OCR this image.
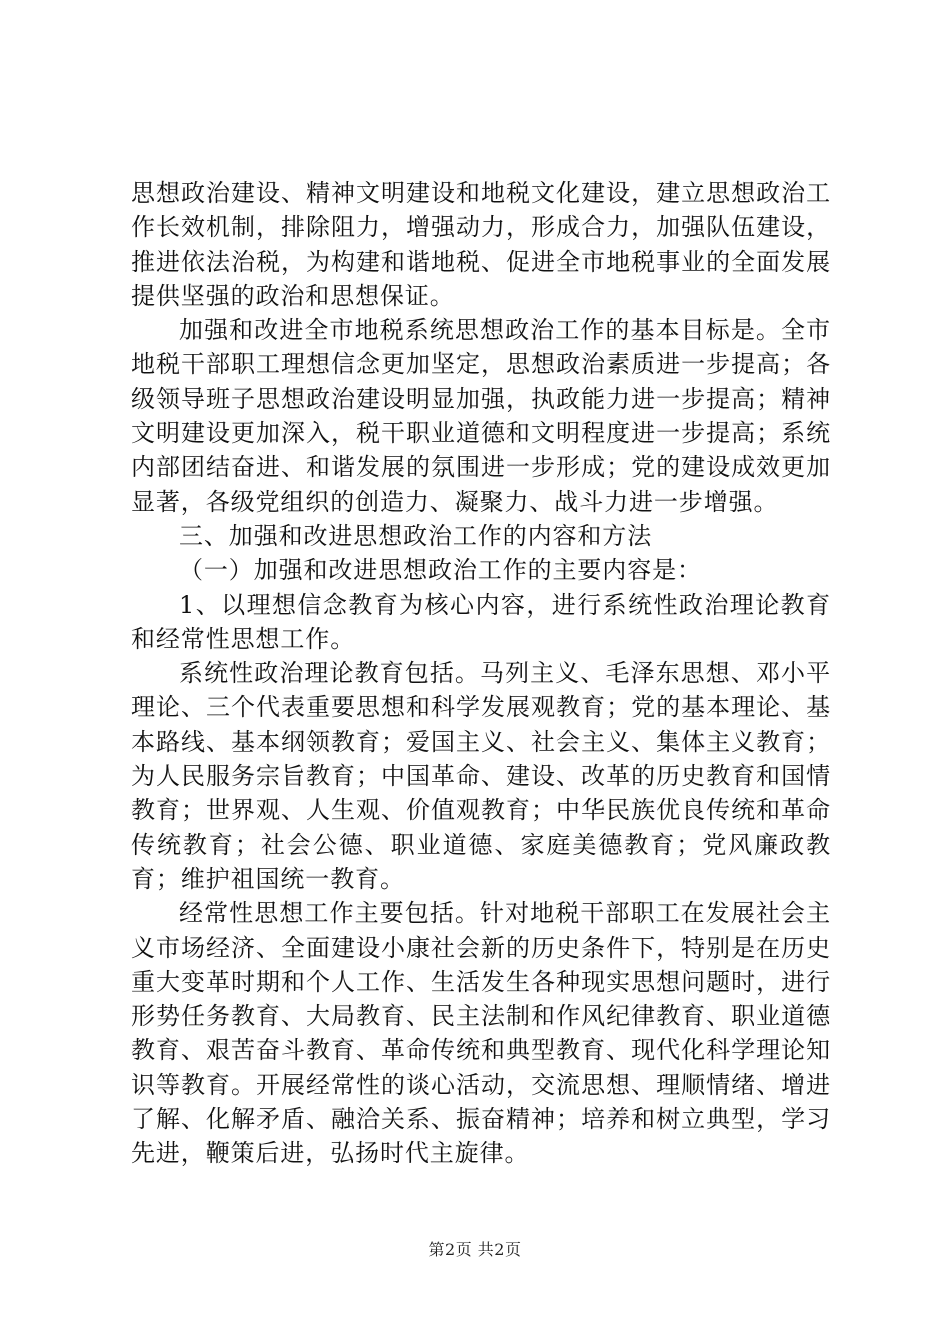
思想政治建设、精神文明建设和地税文化建设，建立思想政治工作长效机制，排除阻力，增强动力，形成合力，加强队伍建设，推进依法治税，为构建和谐地税、促进全市地税事业的全面发展提供坚强的政治和思想保证。

加强和改进全市地税系统思想政治工作的基本目标是。全市地税干部职工理想信念更加坚定，思想政治素质进一步提高；各级领导班子思想政治建设明显加强，执政能力进一步提高；精神文明建设更加深入，税干职业道德和文明程度进一步提高；系统内部团结奋进、和谐发展的氛围进一步形成；党的建设成效更加显著，各级党组织的创造力、凝聚力、战斗力进一步增强。

三、加强和改进思想政治工作的内容和方法

（一）加强和改进思想政治工作的主要内容是：

1、以理想信念教育为核心内容，进行系统性政治理论教育和经常性思想工作。

系统性政治理论教育包括。马列主义、毛泽东思想、邓小平理论、三个代表重要思想和科学发展观教育；党的基本理论、基本路线、基本纲领教育；爱国主义、社会主义、集体主义教育；为人民服务宗旨教育；中国革命、建设、改革的历史教育和国情教育；世界观、人生观、价值观教育；中华民族优良传统和革命传统教育；社会公德、职业道德、家庭美德教育；党风廉政教育；维护祖国统一教育。

经常性思想工作主要包括。针对地税干部职工在发展社会主义市场经济、全面建设小康社会新的历史条件下，特别是在历史重大变革时期和个人工作、生活发生各种现实思想问题时，进行形势任务教育、大局教育、民主法制和作风纪律教育、职业道德教育、艰苦奋斗教育、革命传统和典型教育、现代化科学理论知识等教育。开展经常性的谈心活动，交流思想、理顺情绪、增进了解、化解矛盾、融洽关系、振奋精神；培养和树立典型，学习先进，鞭策后进，弘扬时代主旋律。

第2页 共2页
